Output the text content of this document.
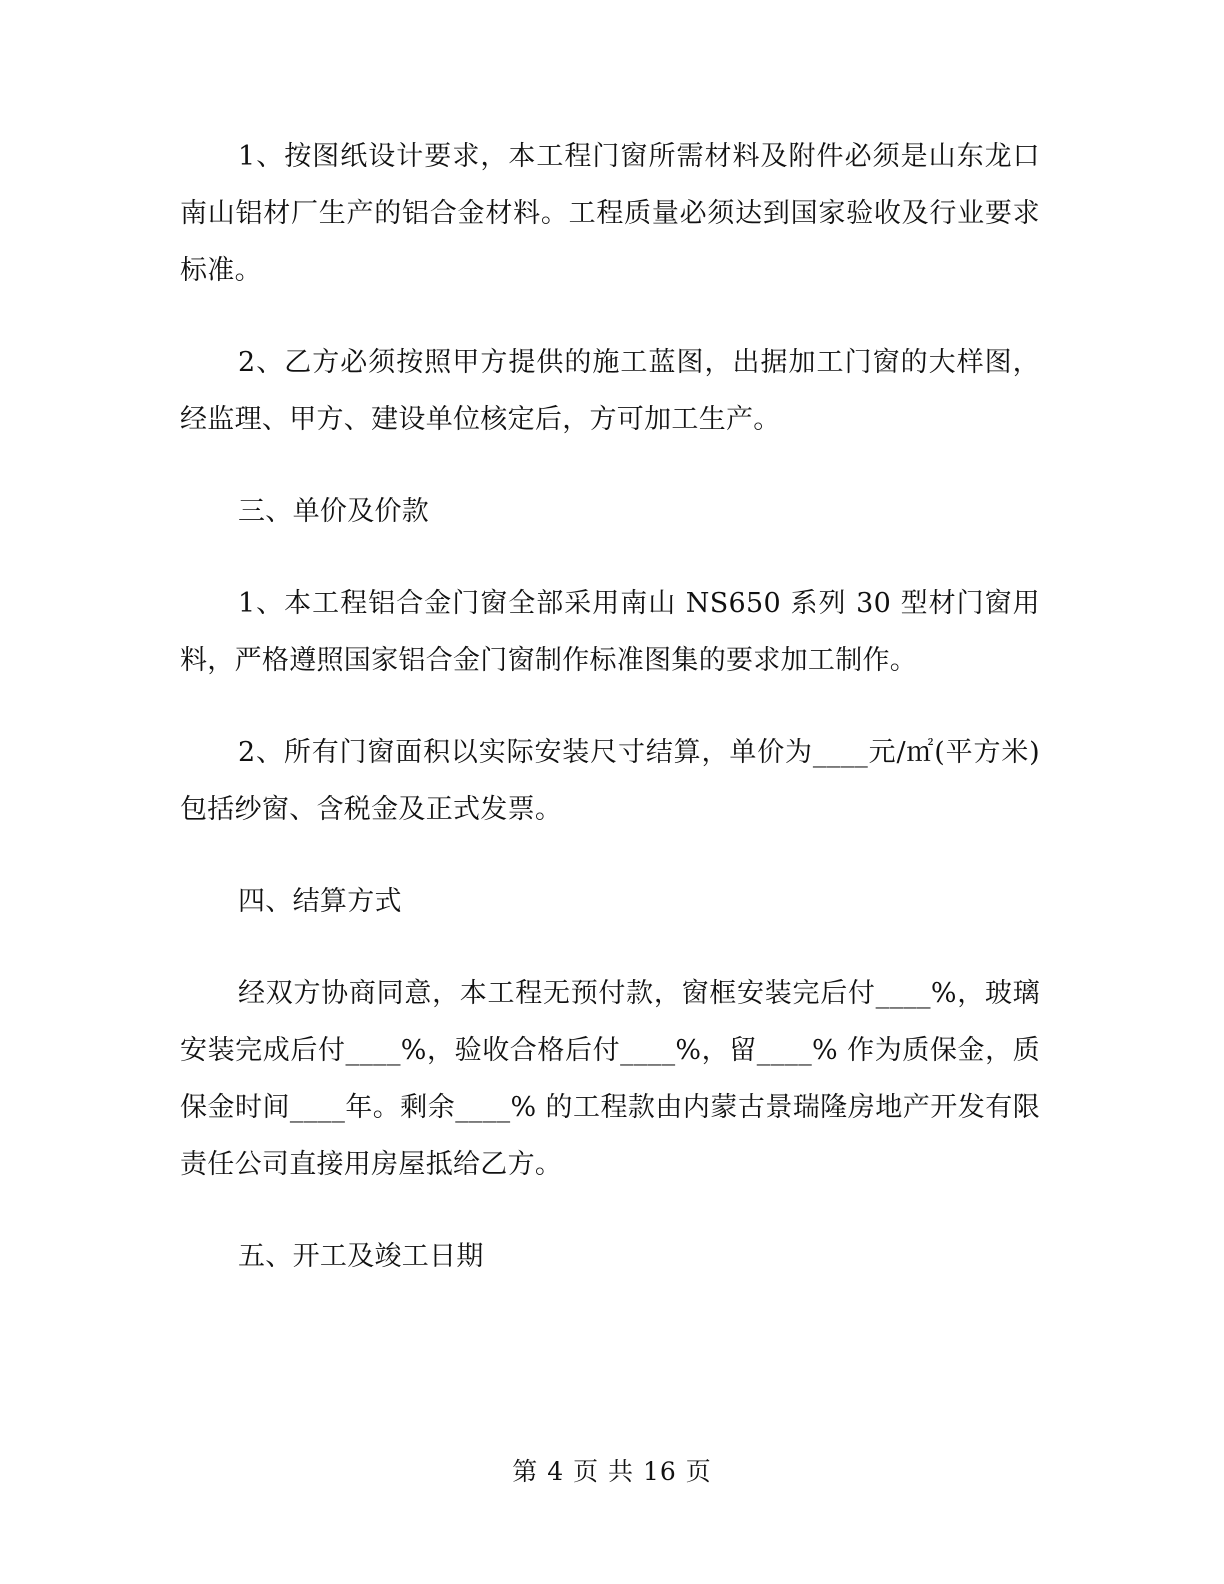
1、按图纸设计要求，本工程门窗所需材料及附件必须是山东龙口南山铝材厂生产的铝合金材料。工程质量必须达到国家验收及行业要求标准。

2、乙方必须按照甲方提供的施工蓝图，出据加工门窗的大样图，经监理、甲方、建设单位核定后，方可加工生产。

三、单价及价款

1、本工程铝合金门窗全部采用南山 NS650 系列 30 型材门窗用料，严格遵照国家铝合金门窗制作标准图集的要求加工制作。

2、所有门窗面积以实际安装尺寸结算，单价为____元/㎡(平方米)包括纱窗、含税金及正式发票。

四、结算方式

经双方协商同意，本工程无预付款，窗框安装完后付____%，玻璃安装完成后付____%，验收合格后付____%，留____% 作为质保金，质保金时间____年。剩余____% 的工程款由内蒙古景瑞隆房地产开发有限责任公司直接用房屋抵给乙方。

五、开工及竣工日期

第 4 页 共 16 页
